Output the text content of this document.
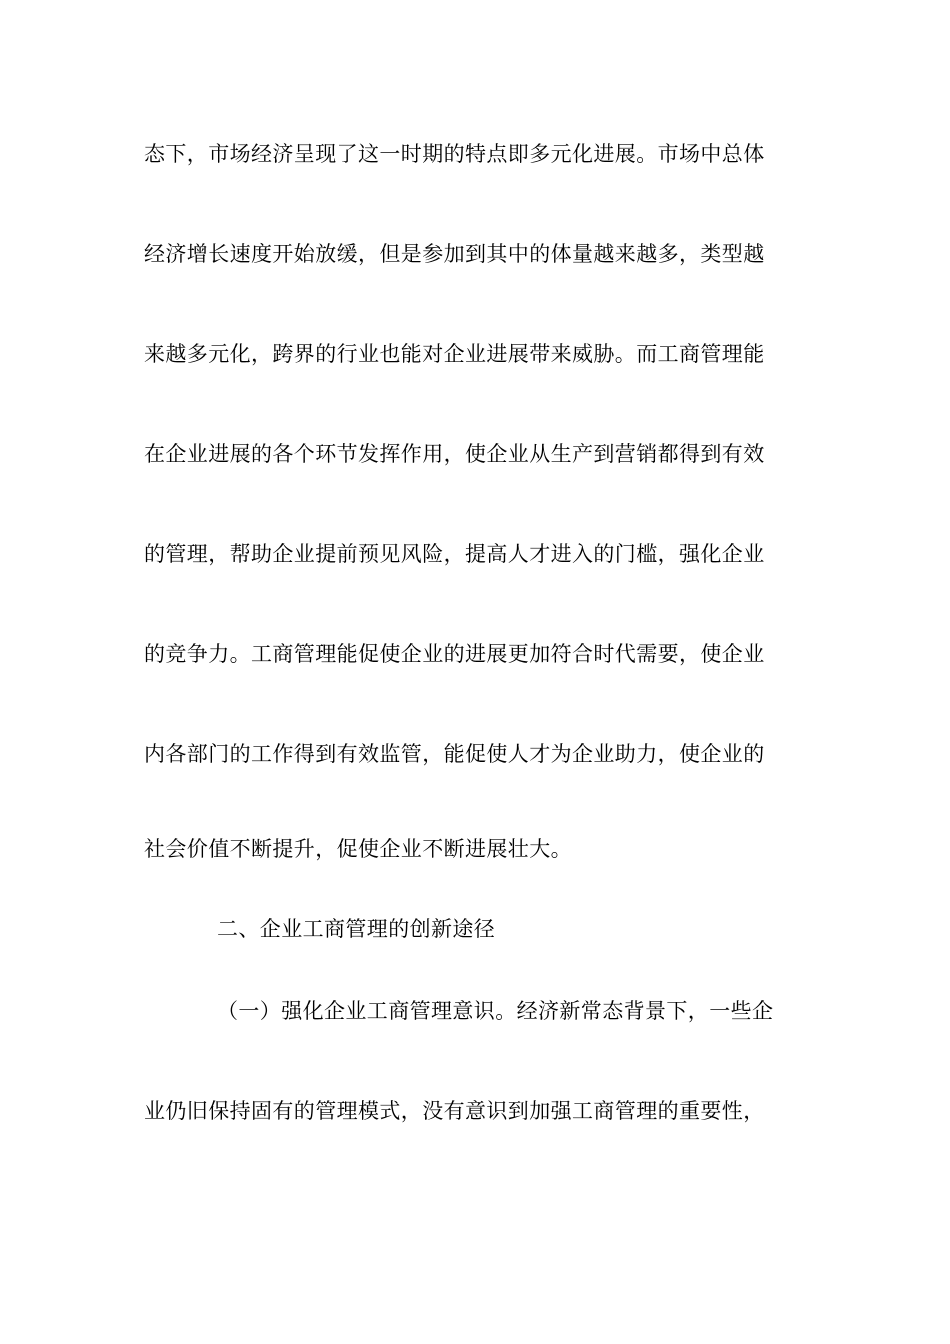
态下，市场经济呈现了这一时期的特点即多元化进展。市场中总体
经济增长速度开始放缓，但是参加到其中的体量越来越多，类型越
来越多元化，跨界的行业也能对企业进展带来威胁。而工商管理能
在企业进展的各个环节发挥作用，使企业从生产到营销都得到有效
的管理，帮助企业提前预见风险，提高人才进入的门槛，强化企业
的竞争力。工商管理能促使企业的进展更加符合时代需要，使企业
内各部门的工作得到有效监管，能促使人才为企业助力，使企业的
社会价值不断提升，促使企业不断进展壮大。
二、企业工商管理的创新途径
（一）强化企业工商管理意识。经济新常态背景下，一些企
业仍旧保持固有的管理模式，没有意识到加强工商管理的重要性，
